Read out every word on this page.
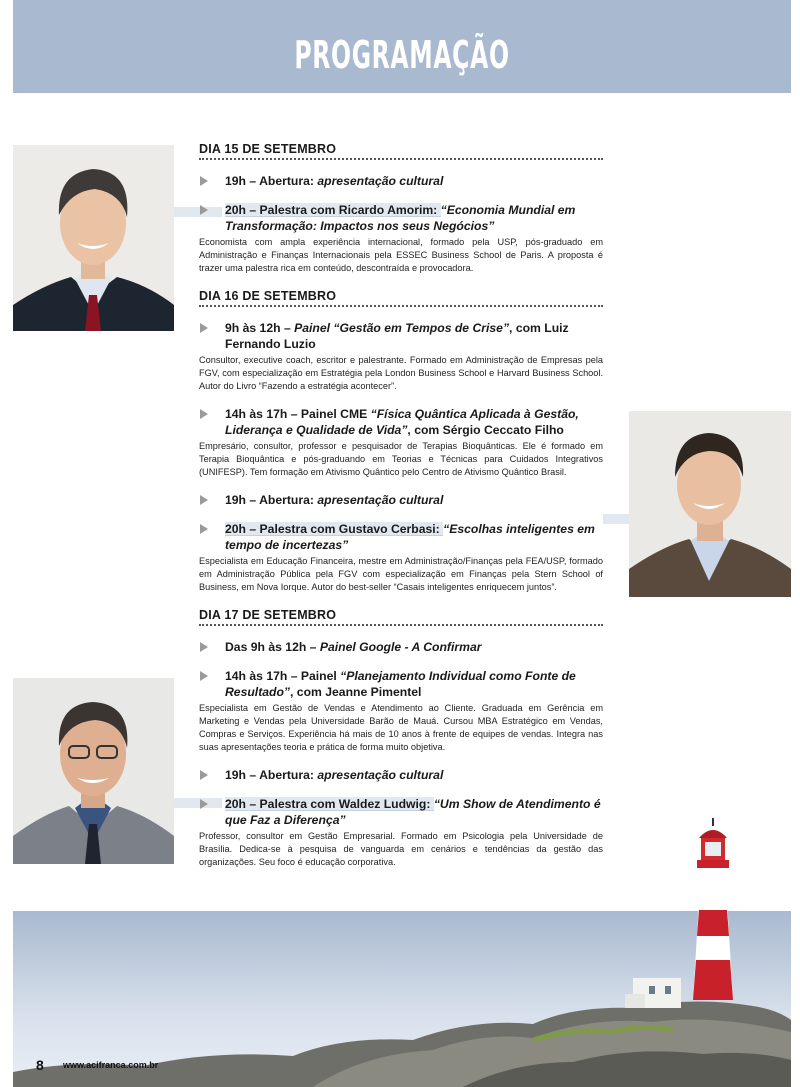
PROGRAMAÇÃO
DIA 15 DE SETEMBRO
19h – Abertura: apresentação cultural
20h – Palestra com Ricardo Amorim: “Economia Mundial em Transformação: Impactos nos seus Negócios”
Economista com ampla experiência internacional, formado pela USP, pós-graduado em Administração e Finanças Internacionais pela ESSEC Business School de Paris. A proposta é trazer uma palestra rica em conteúdo, descontraída e provocadora.
DIA 16 DE SETEMBRO
9h às 12h – Painel “Gestão em Tempos de Crise”, com Luiz Fernando Luzio
Consultor, executive coach, escritor e palestrante. Formado em Administração de Empresas pela FGV, com especialização em Estratégia pela London Business School e Harvard Business School. Autor do Livro “Fazendo a estratégia acontecer”.
14h às 17h – Painel CME “Física Quântica Aplicada à Gestão, Liderança e Qualidade de Vida”, com Sérgio Ceccato Filho
Empresário, consultor, professor e pesquisador de Terapias Bioquânticas. Ele é formado em Terapia Bioquântica e pós-graduando em Teorias e Técnicas para Cuidados Integrativos (UNIFESP). Tem formação em Ativismo Quântico pelo Centro de Ativismo Quântico Brasil.
19h – Abertura: apresentação cultural
20h – Palestra com Gustavo Cerbasi: “Escolhas inteligentes em tempo de incertezas”
Especialista em Educação Financeira, mestre em Administração/Finanças pela FEA/USP, formado em Administração Pública pela FGV com especialização em Finanças pela Stern School of Business, em Nova Iorque. Autor do best-seller “Casais inteligentes enriquecem juntos”.
DIA 17 DE SETEMBRO
Das 9h às 12h – Painel Google - A Confirmar
14h às 17h – Painel “Planejamento Individual como Fonte de Resultado”, com Jeanne Pimentel
Especialista em Gestão de Vendas e Atendimento ao Cliente. Graduada em Gerência em Marketing e Vendas pela Universidade Barão de Mauá. Cursou MBA Estratégico em Vendas, Compras e Serviços. Experiência há mais de 10 anos à frente de equipes de vendas. Integra nas suas apresentações teoria e prática de forma muito objetiva.
19h – Abertura: apresentação cultural
20h – Palestra com Waldez Ludwig: “Um Show de Atendimento é que Faz a Diferença”
Professor, consultor em Gestão Empresarial. Formado em Psicologia pela Universidade de Brasília. Dedica-se à pesquisa de vanguarda em cenários e tendências da gestão das organizações. Seu foco é educação corporativa.
8 www.acifranca.com.br
